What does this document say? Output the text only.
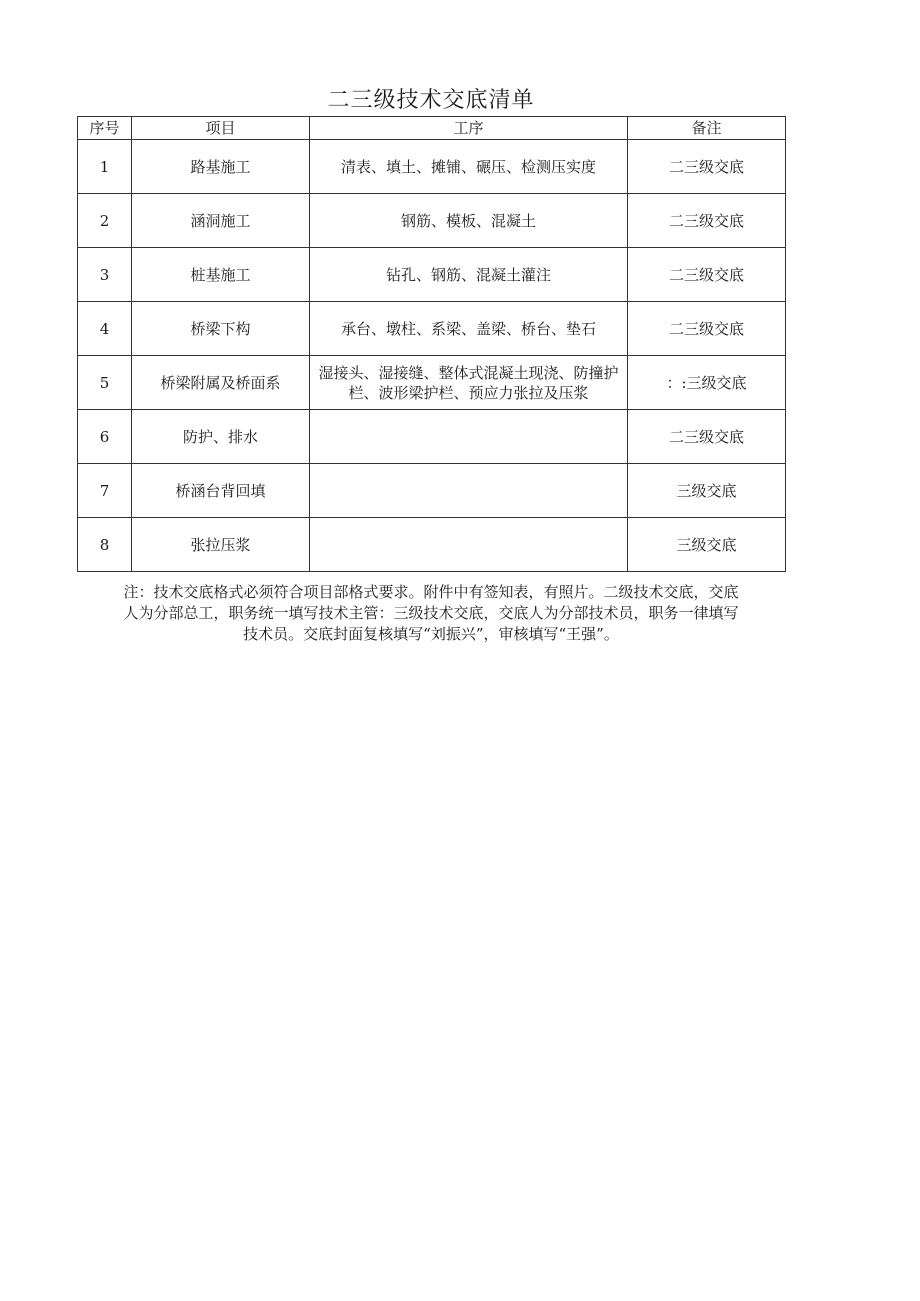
二三级技术交底清单
序号	项目	工序	备注
1	路基施工	清表、填土、摊铺、碾压、检测压实度	二三级交底
2	涵洞施工	钢筋、模板、混凝土	二三级交底
3	桩基施工	钻孔、钢筋、混凝土灌注	二三级交底
4	桥梁下构	承台、墩柱、系梁、盖梁、桥台、垫石	二三级交底
5	桥梁附属及桥面系	湿接头、湿接缝、整体式混凝土现浇、防撞护栏、波形梁护栏、预应力张拉及压浆	：:三级交底
6	防护、排水		二三级交底
7	桥涵台背回填		三级交底
8	张拉压浆		三级交底
注：技术交底格式必须符合项目部格式要求。附件中有签知表，有照片。二级技术交底，交底
人为分部总工，职务统一填写技术主管：三级技术交底，交底人为分部技术员，职务一律填写
技术员。交底封面复核填写“刘振兴”，审核填写“王强”。
